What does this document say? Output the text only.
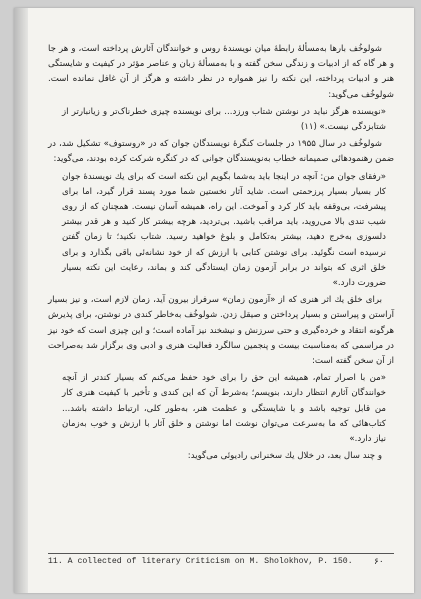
شولوخُف بارها به‌مسألهٔ رابطهٔ میان نویسندهٔ روس و خوانندگان آثارش پرداخته است، و هر جا و هر گاه که از ادبیات و زندگی سخن گفته و با به‌مسألهٔ زبان و عناصر مؤثر در کیفیت و شایستگی هنر و ادبیات پرداخته، این نکته را نیز همواره در نظر داشته و هرگز از آن غافل نمانده است. شولوخُف می‌گوید:

«نویسنده هرگز نباید در نوشتن شتاب ورزد... برای نویسنده چیزی خطرناک‌تر و زیانبارتر از شتابزدگی نیست.» (۱۱)

شولوخُف در سال ۱۹۵۵ در جلسات کنگرهٔ نویسندگان جوان که در «روستوف» تشکیل شد، در ضمن رهنمودهائی صمیمانه خطاب به‌نویسندگان جوانی که در کنگره شرکت کرده بودند، می‌گوید:

«رفقای جوان من: آنچه در اینجا باید به‌شما بگویم این نکته است که برای یك نویسندهٔ جوان کار بسیار بسیار پرزحمتی است. شاید آثار نخستین شما مورد پسند قرار گیرد، اما برای پیشرفت، بی‌وقفه باید کار کرد و آموخت. این راه، همیشه آسان نیست. همچنان که از روی شیب تندی بالا می‌روید، باید مراقب باشید. بی‌تردید، هرچه بیشتر کار کنید و هر قدر بیشتر دلسوزی به‌خرج دهید، بیشتر به‌تکامل و بلوغ خواهید رسید. شتاب نکنید؛ تا زمان گفتن نرسیده است نگوئید. برای نوشتن کتابی با ارزش که از خود نشانه‌ئی باقی بگذارد و برای خلق اثری که بتواند در برابر آزمون زمان ایستادگی کند و بماند، رعایت این نکته بسیار ضرورت دارد.»

برای خلق یك اثر هنری که از «آزمون زمان» سرفراز بیرون آید، زمان لازم است، و نیز بسیار آراستن و پیراستن و بسیار پرداختن و صیقل زدن. شولوخُف به‌خاطر کندی در نوشتن، برای پذیرش هرگونه انتقاد و خرده‌گیری و حتی سرزنش و نیشخند نیز آماده است؛ و این چیزی است که خود نیز در مراسمی که به‌مناسبت بیست و پنجمین سالگرد فعالیت هنری و ادبی وی برگزار شد به‌صراحت از آن سخن گفته است:

«من با اصرار تمام، همیشه این حق را برای خود حفظ می‌کنم که بسیار کندتر از آنچه خوانندگان آثارم انتظار دارند، بنویسم؛ به‌شرط آن که این کندی و تأخیر با کیفیت هنری کار من قابل توجیه باشد و با شایستگی و عظمت هنر، به‌طور کلی، ارتباط داشته باشد... کتاب‌هائی که ما به‌سرعت می‌توان نوشت اما نوشتن و خلق آثار با ارزش و خوب به‌زمان نیاز دارد.»

و چند سال بعد، در خلال یك سخنرانی رادیوئی می‌گوید:

11. A collected of literary Criticism on M. Sholokhov, P. 150. ۶۰
